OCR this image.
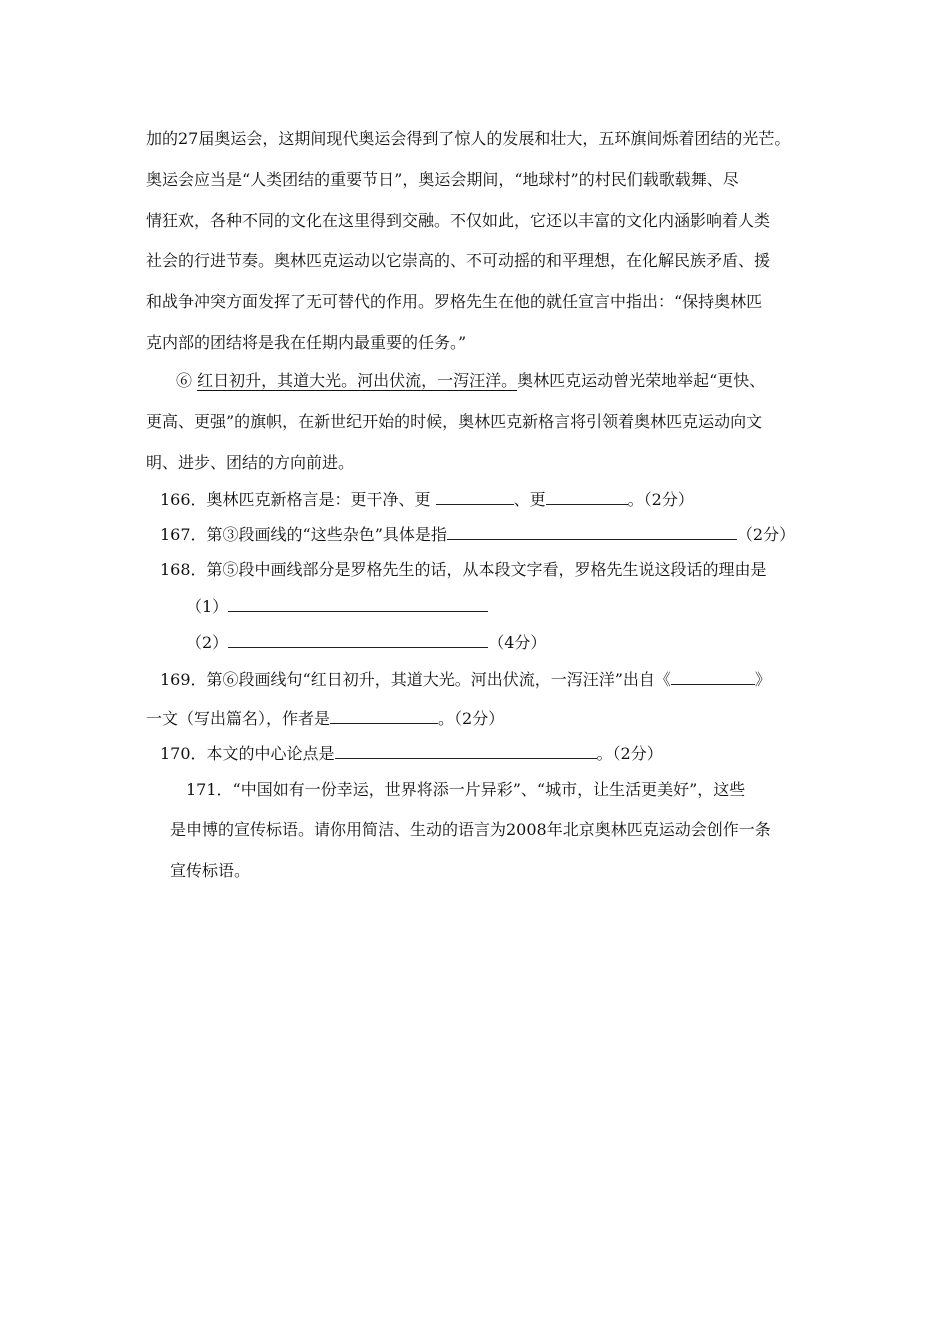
加的27届奥运会，这期间现代奥运会得到了惊人的发展和壮大，五环旗间烁着团结的光芒。
奥运会应当是“人类团结的重要节日”，奥运会期间，“地球村”的村民们载歌载舞、尽
情狂欢，各种不同的文化在这里得到交融。不仅如此，它还以丰富的文化内涵影响着人类
社会的行进节奏。奥林匹克运动以它崇高的、不可动摇的和平理想，在化解民族矛盾、援
和战争冲突方面发挥了无可替代的作用。罗格先生在他的就任宣言中指出：“保持奥林匹
克内部的团结将是我在任期内最重要的任务。”
⑥ 红日初升，其道大光。河出伏流，一泻汪洋。奥林匹克运动曾光荣地举起“更快、
更高、更强”的旗帜，在新世纪开始的时候，奥林匹克新格言将引领着奥林匹克运动向文
明、进步、团结的方向前进。
166．奥林匹克新格言是：更干净、更	、更	。（2分）
167．第③段画线的“这些杂色”具体是指	（2分）
168．第⑤段中画线部分是罗格先生的话，从本段文字看，罗格先生说这段话的理由是
（1）
（2）	（4分）
169．第⑥段画线句“红日初升，其道大光。河出伏流，一泻汪洋”出自《	》
一文（写出篇名），作者是	。（2分）
170．本文的中心论点是	。（2分）
171．“中国如有一份幸运，世界将添一片异彩”、“城市，让生活更美好”，这些
是申博的宣传标语。请你用简洁、生动的语言为2008年北京奥林匹克运动会创作一条
宣传标语。
